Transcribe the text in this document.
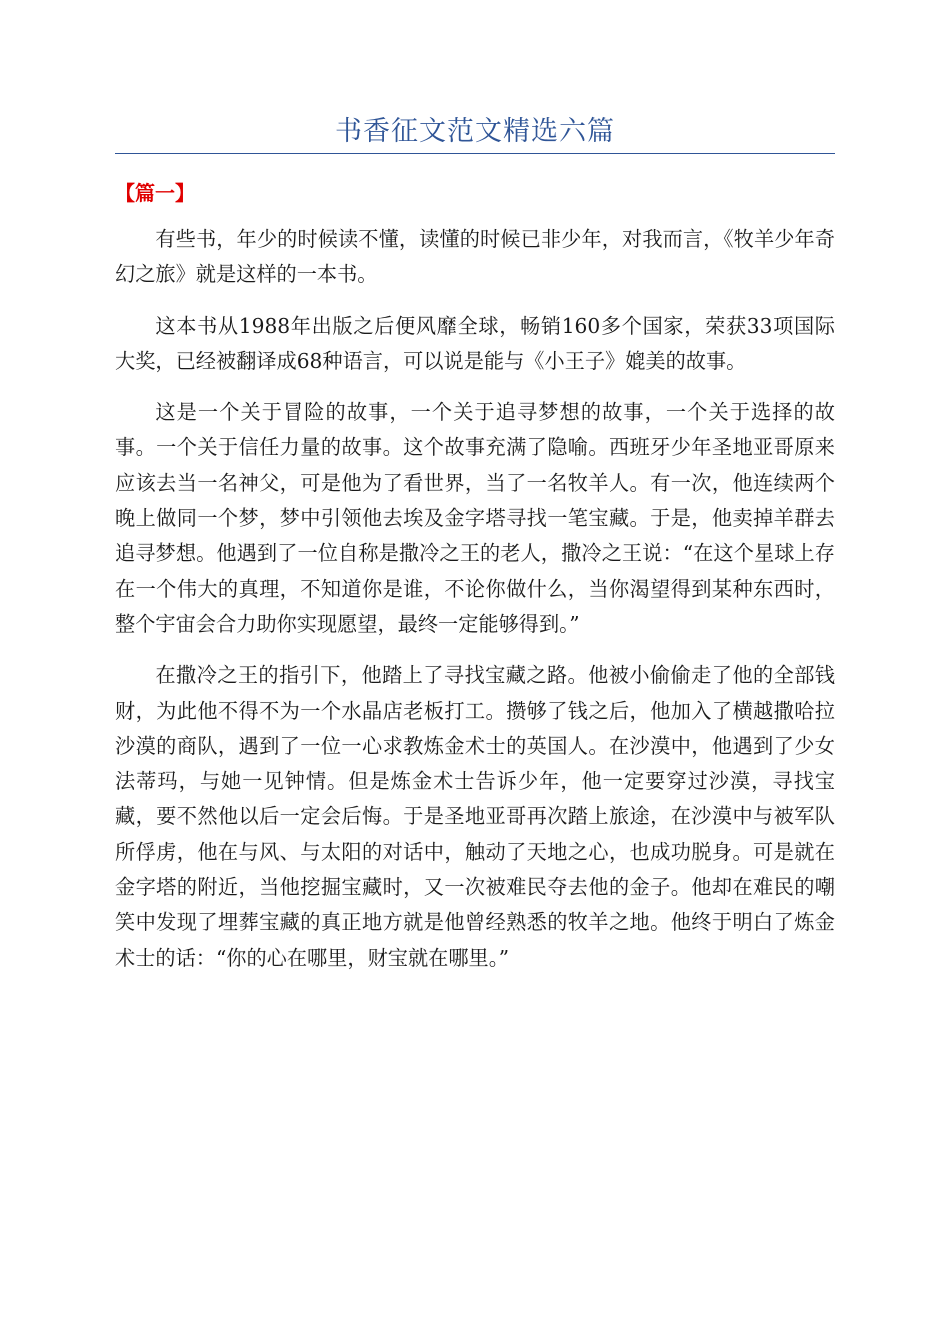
书香征文范文精选六篇
【篇一】

有些书，年少的时候读不懂，读懂的时候已非少年，对我而言，《牧羊少年奇幻之旅》就是这样的一本书。

这本书从1988年出版之后便风靡全球，畅销160多个国家，荣获33项国际大奖，已经被翻译成68种语言，可以说是能与《小王子》媲美的故事。

这是一个关于冒险的故事，一个关于追寻梦想的故事，一个关于选择的故事。一个关于信任力量的故事。这个故事充满了隐喻。西班牙少年圣地亚哥原来应该去当一名神父，可是他为了看世界，当了一名牧羊人。有一次，他连续两个晚上做同一个梦，梦中引领他去埃及金字塔寻找一笔宝藏。于是，他卖掉羊群去追寻梦想。他遇到了一位自称是撒冷之王的老人，撒冷之王说：“在这个星球上存在一个伟大的真理，不知道你是谁，不论你做什么，当你渴望得到某种东西时，整个宇宙会合力助你实现愿望，最终一定能够得到。”

在撒冷之王的指引下，他踏上了寻找宝藏之路。他被小偷偷走了他的全部钱财，为此他不得不为一个水晶店老板打工。攒够了钱之后，他加入了横越撒哈拉沙漠的商队，遇到了一位一心求教炼金术士的英国人。在沙漠中，他遇到了少女法蒂玛，与她一见钟情。但是炼金术士告诉少年，他一定要穿过沙漠，寻找宝藏，要不然他以后一定会后悔。于是圣地亚哥再次踏上旅途，在沙漠中与被军队所俘虏，他在与风、与太阳的对话中，触动了天地之心，也成功脱身。可是就在金字塔的附近，当他挖掘宝藏时，又一次被难民夺去他的金子。他却在难民的嘲笑中发现了埋葬宝藏的真正地方就是他曾经熟悉的牧羊之地。他终于明白了炼金术士的话：“你的心在哪里，财宝就在哪里。”
